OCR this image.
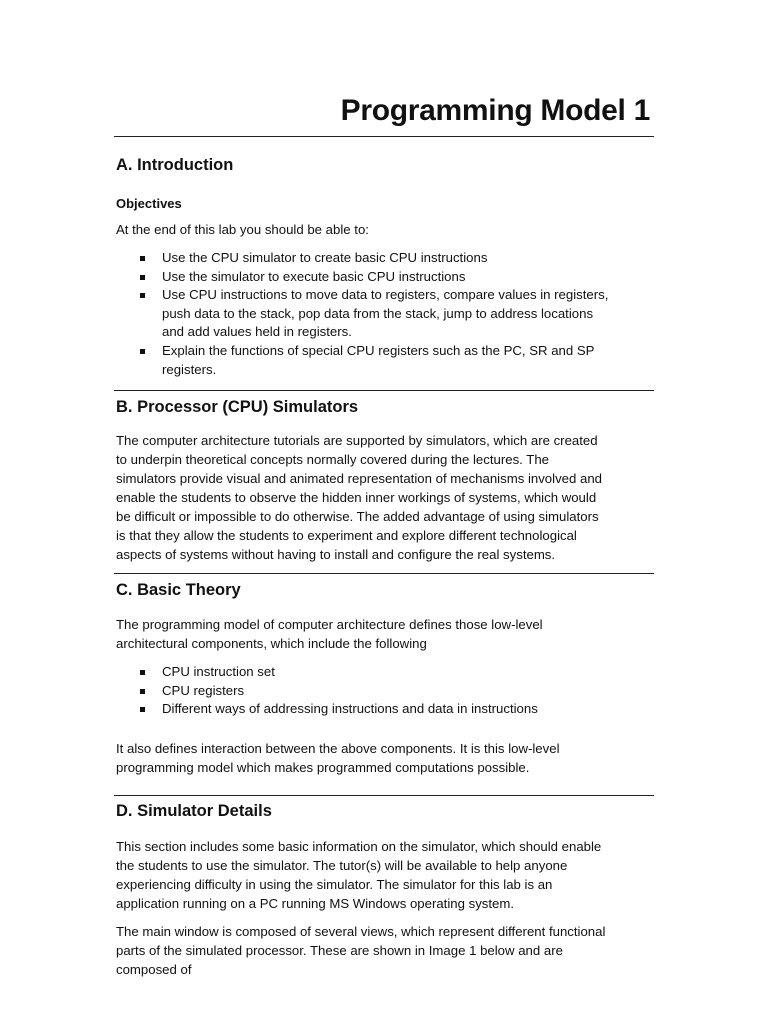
Programming Model 1
A. Introduction
Objectives

At the end of this lab you should be able to:

Use the CPU simulator to create basic CPU instructions
Use the simulator to execute basic CPU instructions
Use CPU instructions to move data to registers, compare values in registers,
push data to the stack, pop data from the stack, jump to address locations
and add values held in registers.
Explain the functions of special CPU registers such as the PC, SR and SP
registers.
B. Processor (CPU) Simulators

The computer architecture tutorials are supported by simulators, which are created
to underpin theoretical concepts normally covered during the lectures. The
simulators provide visual and animated representation of mechanisms involved and
enable the students to observe the hidden inner workings of systems, which would
be difficult or impossible to do otherwise. The added advantage of using simulators
is that they allow the students to experiment and explore different technological
aspects of systems without having to install and configure the real systems.

C. Basic Theory

The programming model of computer architecture defines those low-level
architectural components, which include the following

CPU instruction set
CPU registers
Different ways of addressing instructions and data in instructions

It also defines interaction between the above components. It is this low-level
programming model which makes programmed computations possible.

D. Simulator Details

This section includes some basic information on the simulator, which should enable
the students to use the simulator. The tutor(s) will be available to help anyone
experiencing difficulty in using the simulator. The simulator for this lab is an
application running on a PC running MS Windows operating system.

The main window is composed of several views, which represent different functional
parts of the simulated processor. These are shown in Image 1 below and are
composed of
